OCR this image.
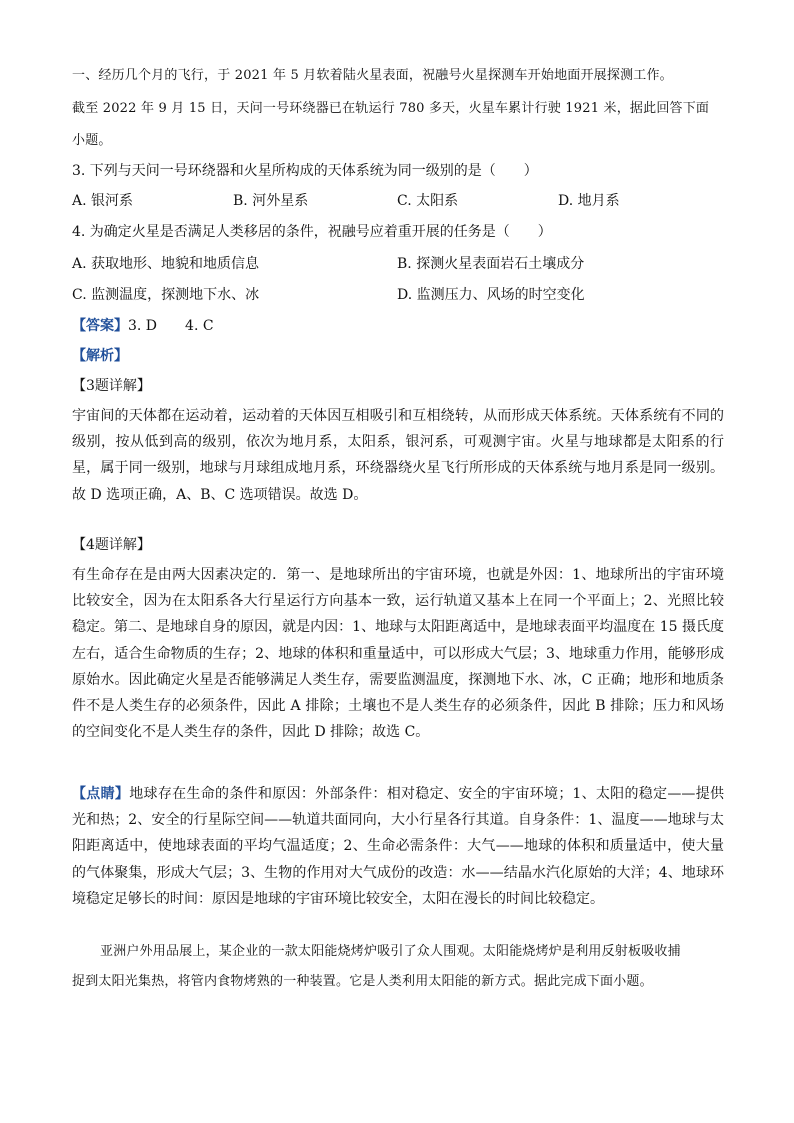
一、经历几个月的飞行，于 2021 年 5 月软着陆火星表面，祝融号火星探测车开始地面开展探测工作。
截至 2022 年 9 月 15 日，天问一号环绕器已在轨运行 780 多天，火星车累计行驶 1921 米，据此回答下面
小题。
3. 下列与天问一号环绕器和火星所构成的天体系统为同一级别的是（　　）
A. 银河系	B. 河外星系	C. 太阳系	D. 地月系
4. 为确定火星是否满足人类移居的条件，祝融号应着重开展的任务是（　　）
A. 获取地形、地貌和地质信息	B. 探测火星表面岩石土壤成分
C. 监测温度，探测地下水、冰	D. 监测压力、风场的时空变化
【答案】3. D　　4. C
【解析】
【3题详解】
宇宙间的天体都在运动着，运动着的天体因互相吸引和互相绕转，从而形成天体系统。天体系统有不同的级别，按从低到高的级别，依次为地月系，太阳系，银河系，可观测宇宙。火星与地球都是太阳系的行星，属于同一级别，地球与月球组成地月系，环绕器绕火星飞行所形成的天体系统与地月系是同一级别。故 D 选项正确，A、B、C 选项错误。故选 D。
【4题详解】
有生命存在是由两大因素决定的．第一、是地球所出的宇宙环境，也就是外因：1、地球所出的宇宙环境比较安全，因为在太阳系各大行星运行方向基本一致，运行轨道又基本上在同一个平面上；2、光照比较稳定。第二、是地球自身的原因，就是内因：1、地球与太阳距离适中，是地球表面平均温度在 15 摄氏度左右，适合生命物质的生存；2、地球的体积和重量适中，可以形成大气层；3、地球重力作用，能够形成原始水。因此确定火星是否能够满足人类生存，需要监测温度，探测地下水、冰，C 正确；地形和地质条件不是人类生存的必须条件，因此 A 排除；土壤也不是人类生存的必须条件，因此 B 排除；压力和风场的空间变化不是人类生存的条件，因此 D 排除；故选 C。
【点睛】地球存在生命的条件和原因：外部条件：相对稳定、安全的宇宙环境；1、太阳的稳定——提供光和热；2、安全的行星际空间——轨道共面同向，大小行星各行其道。自身条件：1、温度——地球与太阳距离适中，使地球表面的平均气温适度；2、生命必需条件：大气——地球的体积和质量适中，使大量的气体聚集，形成大气层；3、生物的作用对大气成份的改造：水——结晶水汽化原始的大洋；4、地球环境稳定足够长的时间：原因是地球的宇宙环境比较安全，太阳在漫长的时间比较稳定。
亚洲户外用品展上，某企业的一款太阳能烧烤炉吸引了众人围观。太阳能烧烤炉是利用反射板吸收捕
捉到太阳光集热，将管内食物烤熟的一种装置。它是人类利用太阳能的新方式。据此完成下面小题。
